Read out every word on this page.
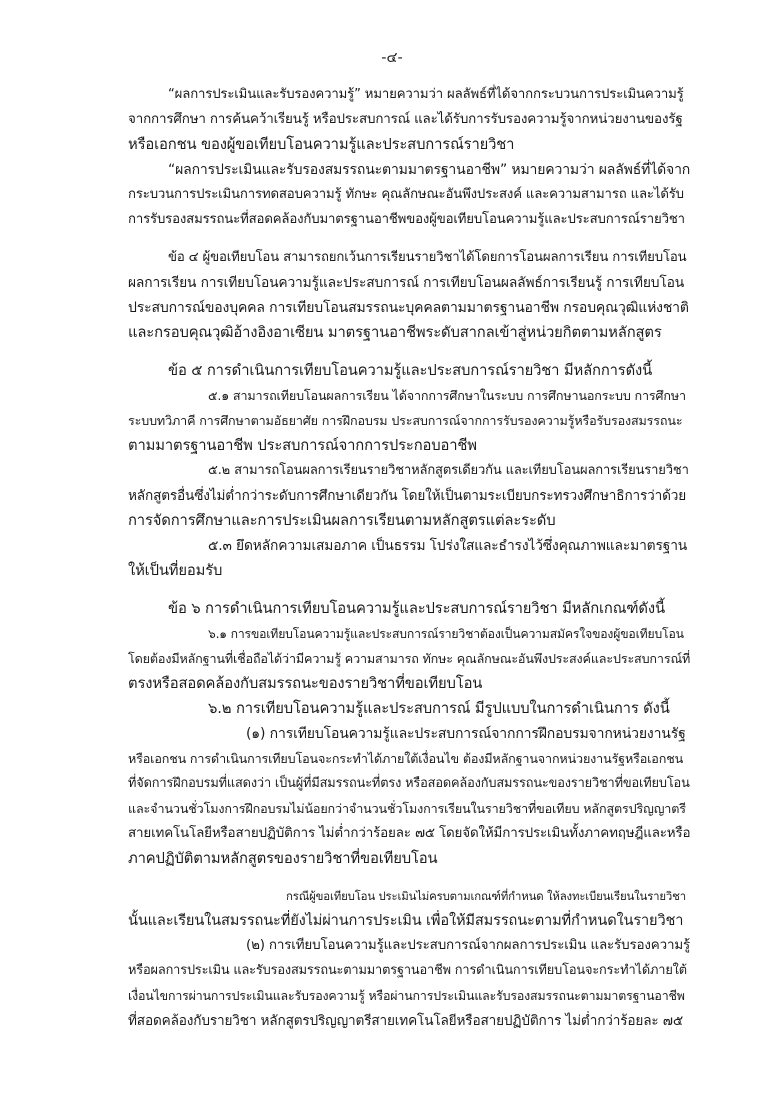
-๔-

“ผลการประเมินและรับรองความรู้” หมายความว่า ผลลัพธ์ที่ได้จากกระบวนการประเมินความรู้

จากการศึกษา การค้นคว้าเรียนรู้ หรือประสบการณ์ และได้รับการรับรองความรู้จากหน่วยงานของรัฐ

หรือเอกชน ของผู้ขอเทียบโอนความรู้และประสบการณ์รายวิชา

“ผลการประเมินและรับรองสมรรถนะตามมาตรฐานอาชีพ” หมายความว่า ผลลัพธ์ที่ได้จาก

กระบวนการประเมินการทดสอบความรู้ ทักษะ คุณลักษณะอันพึงประสงค์ และความสามารถ และได้รับ

การรับรองสมรรถนะที่สอดคล้องกับมาตรฐานอาชีพของผู้ขอเทียบโอนความรู้และประสบการณ์รายวิชา

ข้อ ๔ ผู้ขอเทียบโอน สามารถยกเว้นการเรียนรายวิชาได้โดยการโอนผลการเรียน การเทียบโอน

ผลการเรียน การเทียบโอนความรู้และประสบการณ์ การเทียบโอนผลลัพธ์การเรียนรู้ การเทียบโอน

ประสบการณ์ของบุคคล การเทียบโอนสมรรถนะบุคคลตามมาตรฐานอาชีพ กรอบคุณวุฒิแห่งชาติ

และกรอบคุณวุฒิอ้างอิงอาเซียน มาตรฐานอาชีพระดับสากลเข้าสู่หน่วยกิตตามหลักสูตร

ข้อ ๕ การดำเนินการเทียบโอนความรู้และประสบการณ์รายวิชา มีหลักการดังนี้

๕.๑ สามารถเทียบโอนผลการเรียน ได้จากการศึกษาในระบบ การศึกษานอกระบบ การศึกษา

ระบบทวิภาคี การศึกษาตามอัธยาศัย การฝึกอบรม ประสบการณ์จากการรับรองความรู้หรือรับรองสมรรถนะ

ตามมาตรฐานอาชีพ ประสบการณ์จากการประกอบอาชีพ

๕.๒ สามารถโอนผลการเรียนรายวิชาหลักสูตรเดียวกัน และเทียบโอนผลการเรียนรายวิชา

หลักสูตรอื่นซึ่งไม่ต่ำกว่าระดับการศึกษาเดียวกัน โดยให้เป็นตามระเบียบกระทรวงศึกษาธิการว่าด้วย

การจัดการศึกษาและการประเมินผลการเรียนตามหลักสูตรแต่ละระดับ

๕.๓ ยึดหลักความเสมอภาค เป็นธรรม โปร่งใสและธำรงไว้ซึ่งคุณภาพและมาตรฐาน

ให้เป็นที่ยอมรับ

ข้อ ๖ การดำเนินการเทียบโอนความรู้และประสบการณ์รายวิชา มีหลักเกณฑ์ดังนี้

๖.๑ การขอเทียบโอนความรู้และประสบการณ์รายวิชาต้องเป็นความสมัครใจของผู้ขอเทียบโอน

โดยต้องมีหลักฐานที่เชื่อถือได้ว่ามีความรู้ ความสามารถ ทักษะ คุณลักษณะอันพึงประสงค์และประสบการณ์ที่

ตรงหรือสอดคล้องกับสมรรถนะของรายวิชาที่ขอเทียบโอน

๖.๒ การเทียบโอนความรู้และประสบการณ์ มีรูปแบบในการดำเนินการ ดังนี้

(๑) การเทียบโอนความรู้และประสบการณ์จากการฝึกอบรมจากหน่วยงานรัฐ

หรือเอกชน การดำเนินการเทียบโอนจะกระทำได้ภายใต้เงื่อนไข ต้องมีหลักฐานจากหน่วยงานรัฐหรือเอกชน

ที่จัดการฝึกอบรมที่แสดงว่า เป็นผู้ที่มีสมรรถนะที่ตรง หรือสอดคล้องกับสมรรถนะของรายวิชาที่ขอเทียบโอน

และจำนวนชั่วโมงการฝึกอบรมไม่น้อยกว่าจำนวนชั่วโมงการเรียนในรายวิชาที่ขอเทียบ หลักสูตรปริญญาตรี

สายเทคโนโลยีหรือสายปฏิบัติการ ไม่ต่ำกว่าร้อยละ ๗๕ โดยจัดให้มีการประเมินทั้งภาคทฤษฎีและหรือ

ภาคปฏิบัติตามหลักสูตรของรายวิชาที่ขอเทียบโอน

กรณีผู้ขอเทียบโอน ประเมินไม่ครบตามเกณฑ์ที่กำหนด ให้ลงทะเบียนเรียนในรายวิชา

นั้นและเรียนในสมรรถนะที่ยังไม่ผ่านการประเมิน เพื่อให้มีสมรรถนะตามที่กำหนดในรายวิชา

(๒) การเทียบโอนความรู้และประสบการณ์จากผลการประเมิน และรับรองความรู้

หรือผลการประเมิน และรับรองสมรรถนะตามมาตรฐานอาชีพ การดำเนินการเทียบโอนจะกระทำได้ภายใต้

เงื่อนไขการผ่านการประเมินและรับรองความรู้ หรือผ่านการประเมินและรับรองสมรรถนะตามมาตรฐานอาชีพ

ที่สอดคล้องกับรายวิชา หลักสูตรปริญญาตรีสายเทคโนโลยีหรือสายปฏิบัติการ ไม่ต่ำกว่าร้อยละ ๗๕
